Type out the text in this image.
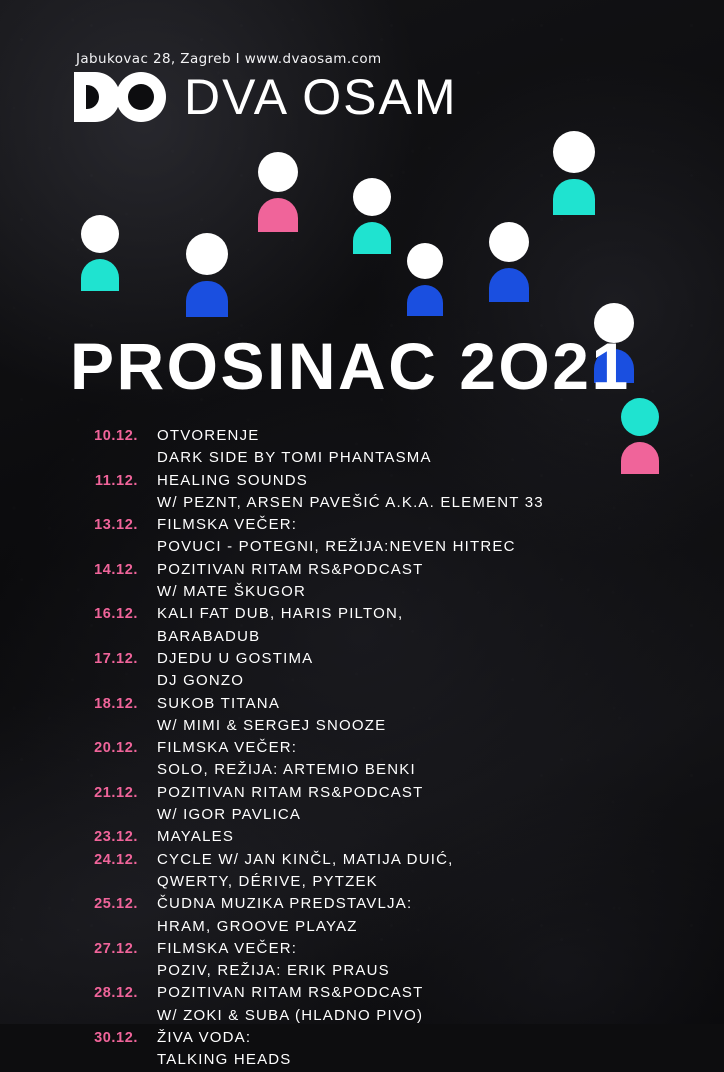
Jabukovac 28, Zagreb I www.dvaosam.com
DVA OSAM
PROSINAC 2O21
10.12. OTVORENJE
DARK SIDE BY TOMI PHANTASMA
11.12. HEALING SOUNDS
W/ PEZNT, ARSEN PAVEŠIĆ A.K.A. ELEMENT 33
13.12. FILMSKA VEČER:
POVUCI - POTEGNI, REŽIJA:NEVEN HITREC
14.12. POZITIVAN RITAM RS&PODCAST
W/ MATE ŠKUGOR
16.12. KALI FAT DUB, HARIS PILTON,
BARABADUB
17.12. DJEDU U GOSTIMA
DJ GONZO
18.12. SUKOB TITANA
W/ MIMI & SERGEJ SNOOZE
20.12. FILMSKA VEČER:
SOLO, REŽIJA: ARTEMIO BENKI
21.12. POZITIVAN RITAM RS&PODCAST
W/ IGOR PAVLICA
23.12. MAYALES
24.12. CYCLE W/ JAN KINČL, MATIJA DUIĆ,
QWERTY, DÉRIVE, PYTZEK
25.12. ČUDNA MUZIKA PREDSTAVLJA:
HRAM, GROOVE PLAYAZ
27.12. FILMSKA VEČER:
POZIV, REŽIJA: ERIK PRAUS
28.12. POZITIVAN RITAM RS&PODCAST
W/ ZOKI & SUBA (HLADNO PIVO)
30.12. ŽIVA VODA:
TALKING HEADS
